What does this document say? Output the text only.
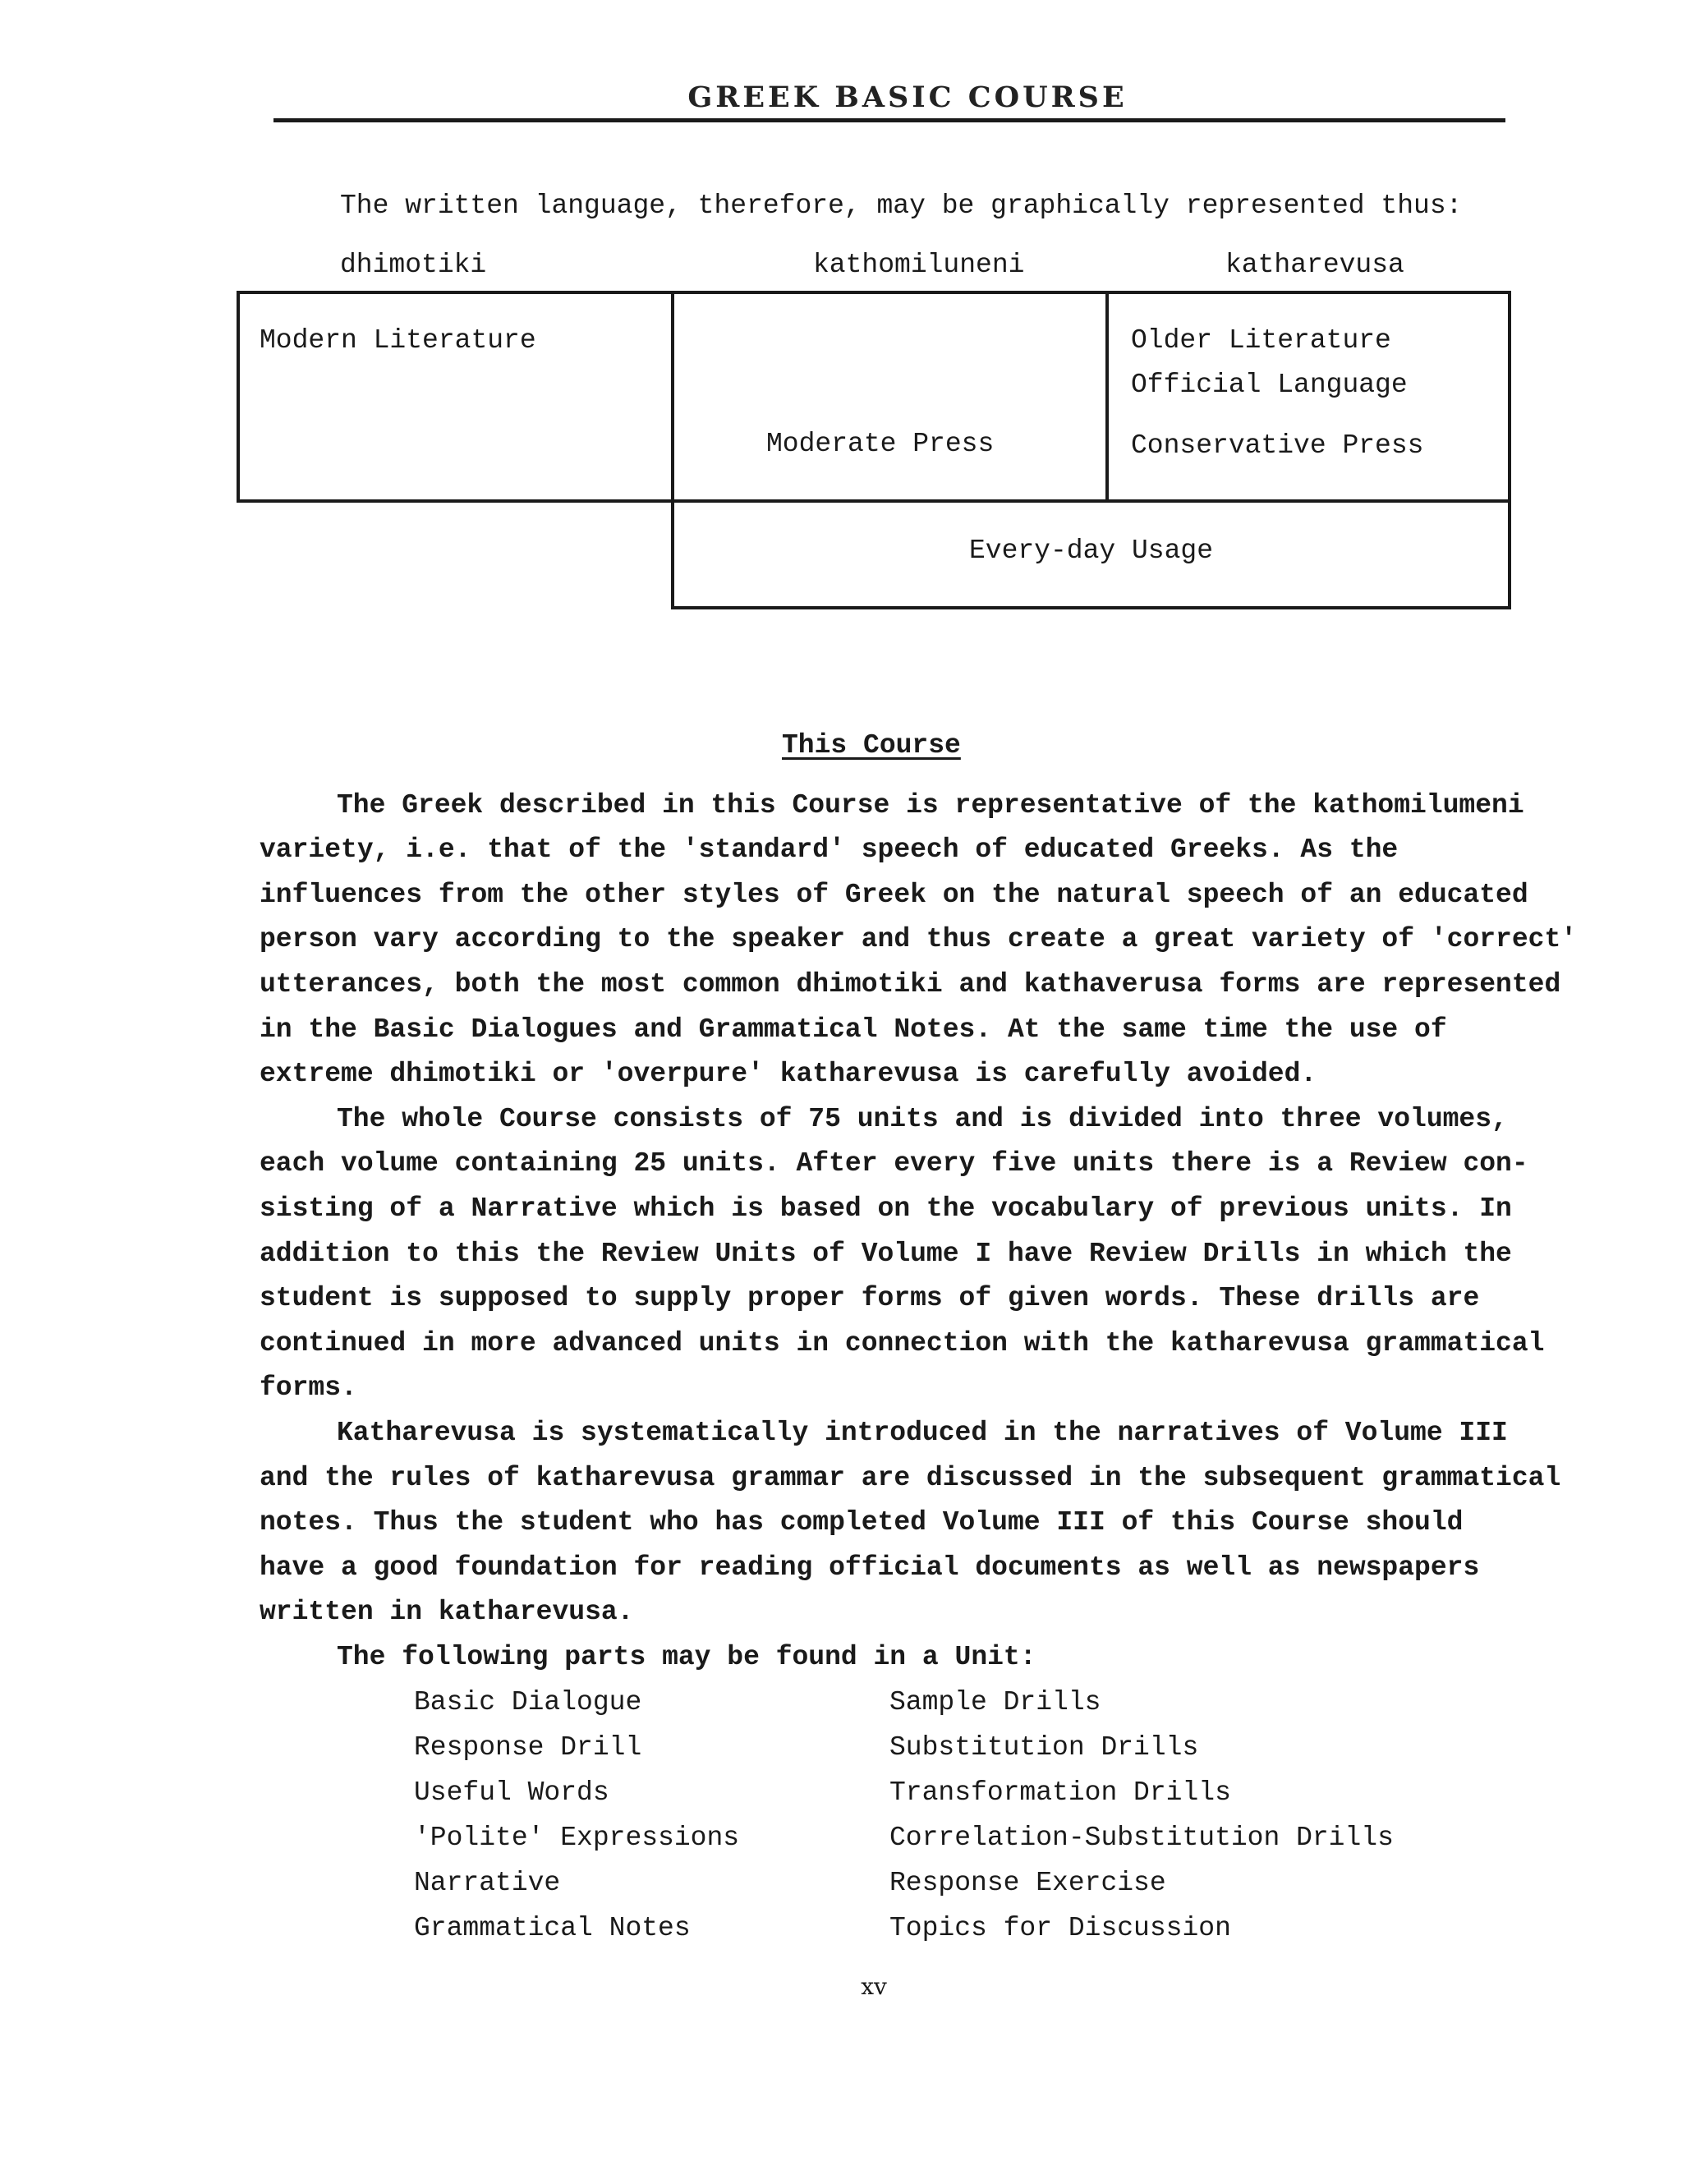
GREEK BASIC COURSE
The written language, therefore, may be graphically represented thus:
dhimotiki	kathomiluneni	katharevusa
Modern Literature
Moderate Press
Older Literature
Official Language
Conservative Press
Every-day Usage
This Course
The Greek described in this Course is representative of the kathomilumeni
variety, i.e. that of the 'standard' speech of educated Greeks. As the
influences from the other styles of Greek on the natural speech of an educated
person vary according to the speaker and thus create a great variety of 'correct'
utterances, both the most common dhimotiki and kathaverusa forms are represented
in the Basic Dialogues and Grammatical Notes. At the same time the use of
extreme dhimotiki or 'overpure' katharevusa is carefully avoided.
The whole Course consists of 75 units and is divided into three volumes,
each volume containing 25 units. After every five units there is a Review con-
sisting of a Narrative which is based on the vocabulary of previous units. In
addition to this the Review Units of Volume I have Review Drills in which the
student is supposed to supply proper forms of given words. These drills are
continued in more advanced units in connection with the katharevusa grammatical
forms.
Katharevusa is systematically introduced in the narratives of Volume III
and the rules of katharevusa grammar are discussed in the subsequent grammatical
notes. Thus the student who has completed Volume III of this Course should
have a good foundation for reading official documents as well as newspapers
written in katharevusa.
The following parts may be found in a Unit:
Basic Dialogue
Response Drill
Useful Words
'Polite' Expressions
Narrative
Grammatical Notes
Sample Drills
Substitution Drills
Transformation Drills
Correlation-Substitution Drills
Response Exercise
Topics for Discussion
xv
